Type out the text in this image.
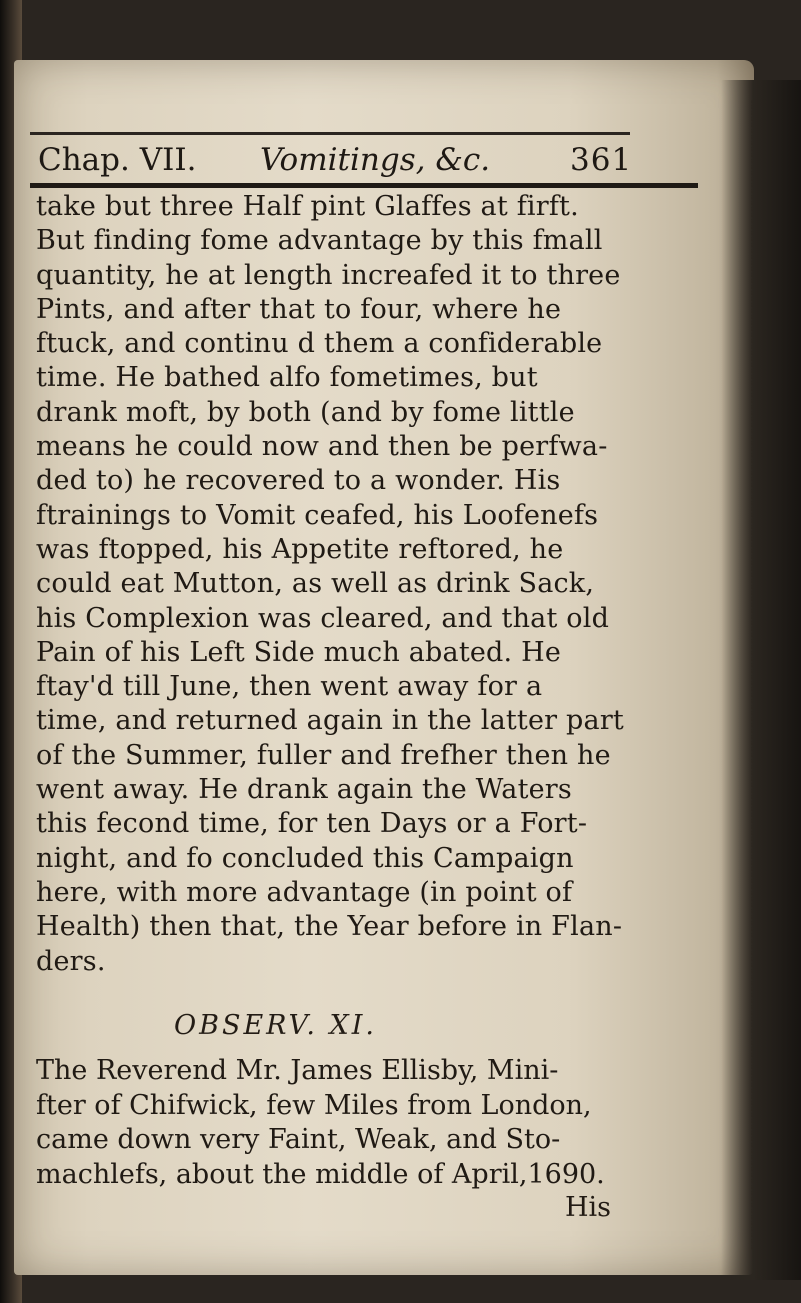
Chap. VII. Vomitings, &c.	361
take but three Half pint Glaffes at firft.
But finding fome advantage by this fmall
quantity, he at length increafed it to three
Pints, and after that to four, where he
ftuck, and continu d them a confiderable
time. He bathed alfo fometimes, but
drank moft, by both (and by fome little
means he could now and then be perfwa-
ded to) he recovered to a wonder. His
ftrainings to Vomit ceafed, his Loofenefs
was ftopped, his Appetite reftored, he
could eat Mutton, as well as drink Sack,
his Complexion was cleared, and that old
Pain of his Left Side much abated. He
ftay'd till June, then went away for a
time, and returned again in the latter part
of the Summer, fuller and frefher then he
went away. He drank again the Waters
this fecond time, for ten Days or a Fort-
night, and fo concluded this Campaign
here, with more advantage (in point of
Health) then that, the Year before in Flan-
ders.
OBSERV. XI.
The Reverend Mr. James Ellisby, Mini-
fter of Chifwick, few Miles from London,
came down very Faint, Weak, and Sto-
machlefs, about the middle of April,1690.
His
